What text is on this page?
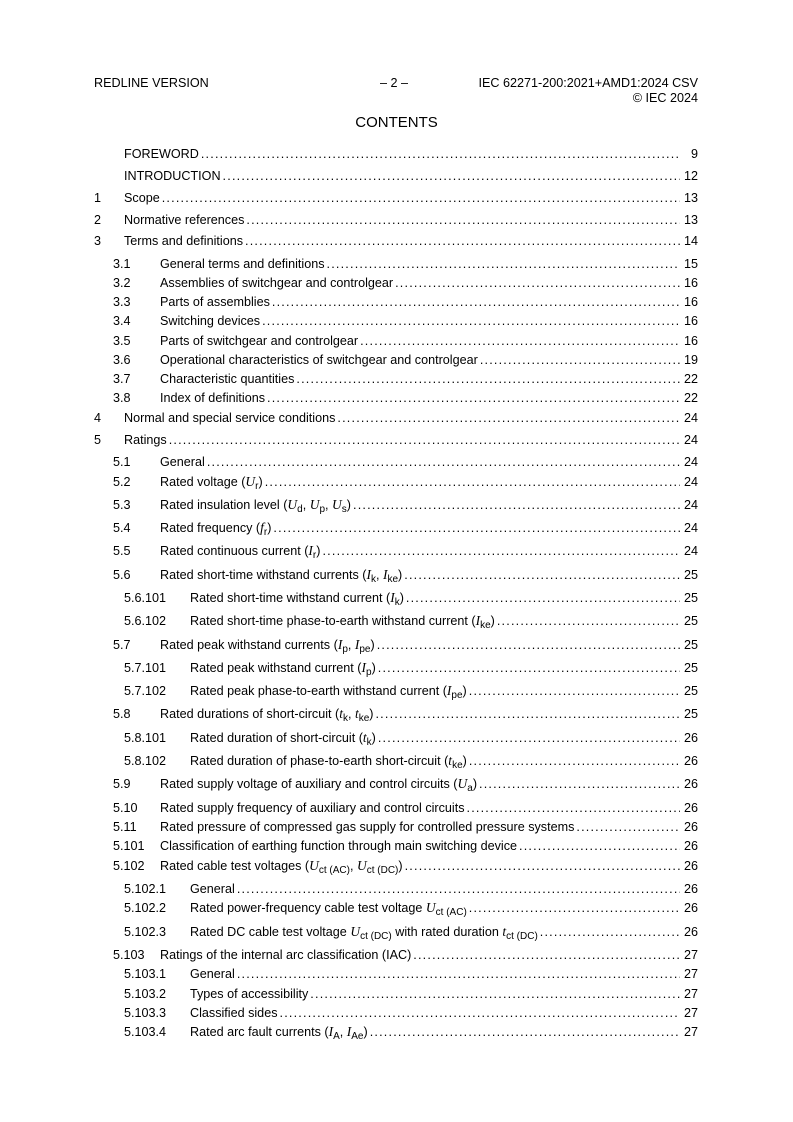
REDLINE VERSION	– 2 –	IEC 62271-200:2021+AMD1:2024 CSV
© IEC 2024
CONTENTS
FOREWORD .....	9
INTRODUCTION .....	12
1	Scope .....	13
2	Normative references .....	13
3	Terms and definitions .....	14
3.1	General terms and definitions .....	15
3.2	Assemblies of switchgear and controlgear .....	16
3.3	Parts of assemblies .....	16
3.4	Switching devices .....	16
3.5	Parts of switchgear and controlgear .....	16
3.6	Operational characteristics of switchgear and controlgear .....	19
3.7	Characteristic quantities .....	22
3.8	Index of definitions .....	22
4	Normal and special service conditions .....	24
5	Ratings .....	24
5.1	General .....	24
5.2	Rated voltage $(U_r)$ .....	24
5.3	Rated insulation level ($U_d$, $U_p$, $U_s$) .....	24
5.4	Rated frequency $(f_r)$ .....	24
5.5	Rated continuous current $(I_r)$ .....	24
5.6	Rated short-time withstand currents ($I_k$, $I_{ke}$) .....	25
5.6.101	Rated short-time withstand current $(I_k)$ .....	25
5.6.102	Rated short-time phase-to-earth withstand current $(I_{ke})$ .....	25
5.7	Rated peak withstand currents ($I_p$, $I_{pe}$) .....	25
5.7.101	Rated peak withstand current $(I_p)$ .....	25
5.7.102	Rated peak phase-to-earth withstand current $(I_{pe})$ .....	25
5.8	Rated durations of short-circuit ($t_k$, $t_{ke}$) .....	25
5.8.101	Rated duration of short-circuit $(t_k)$ .....	26
5.8.102	Rated duration of phase-to-earth short-circuit $(t_{ke})$ .....	26
5.9	Rated supply voltage of auxiliary and control circuits $(U_a)$ .....	26
5.10	Rated supply frequency of auxiliary and control circuits .....	26
5.11	Rated pressure of compressed gas supply for controlled pressure systems .....	26
5.101	Classification of earthing function through main switching device .....	26
5.102	Rated cable test voltages ($U_{ct (AC)}$, $U_{ct (DC)}$) .....	26
5.102.1	General .....	26
5.102.2	Rated power-frequency cable test voltage $U_{ct (AC)}$ .....	26
5.102.3	Rated DC cable test voltage $U_{ct (DC)}$ with rated duration $t_{ct (DC)}$ .....	26
5.103	Ratings of the internal arc classification (IAC) .....	27
5.103.1	General .....	27
5.103.2	Types of accessibility .....	27
5.103.3	Classified sides .....	27
5.103.4	Rated arc fault currents ($I_A$, $I_{Ae}$) .....	27
